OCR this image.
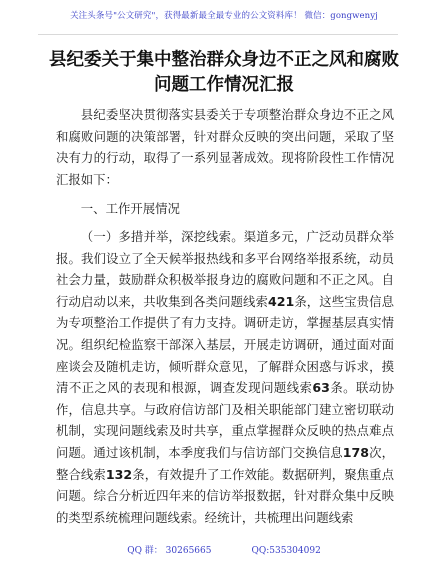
关注头条号"公文研究"，获得最新最全最专业的公文资料库！ 微信：gongwenyj
县纪委关于集中整治群众身边不正之风和腐败
问题工作情况汇报

县纪委坚决贯彻落实县委关于专项整治群众身边不正之风和腐败问题的决策部署，针对群众反映的突出问题，采取了坚决有力的行动，取得了一系列显著成效。现将阶段性工作情况汇报如下：

一、工作开展情况

（一）多措并举，深挖线索。渠道多元，广泛动员群众举报。我们设立了全天候举报热线和多平台网络举报系统，动员社会力量，鼓励群众积极举报身边的腐败问题和不正之风。自行动启动以来，共收集到各类问题线索421条，这些宝贵信息为专项整治工作提供了有力支持。调研走访，掌握基层真实情况。组织纪检监察干部深入基层，开展走访调研，通过面对面座谈会及随机走访，倾听群众意见，了解群众困惑与诉求，摸清不正之风的表现和根源，调查发现问题线索63条。联动协作，信息共享。与政府信访部门及相关职能部门建立密切联动机制，实现问题线索及时共享，重点掌握群众反映的热点难点问题。通过该机制，本季度我们与信访部门交换信息178次，整合线索132条，有效提升了工作效能。数据研判，聚焦重点问题。综合分析近四年来的信访举报数据，针对群众集中反映的类型系统梳理问题线索。经统计，共梳理出问题线索

QQ 群： 30265665	QQ:535304092
